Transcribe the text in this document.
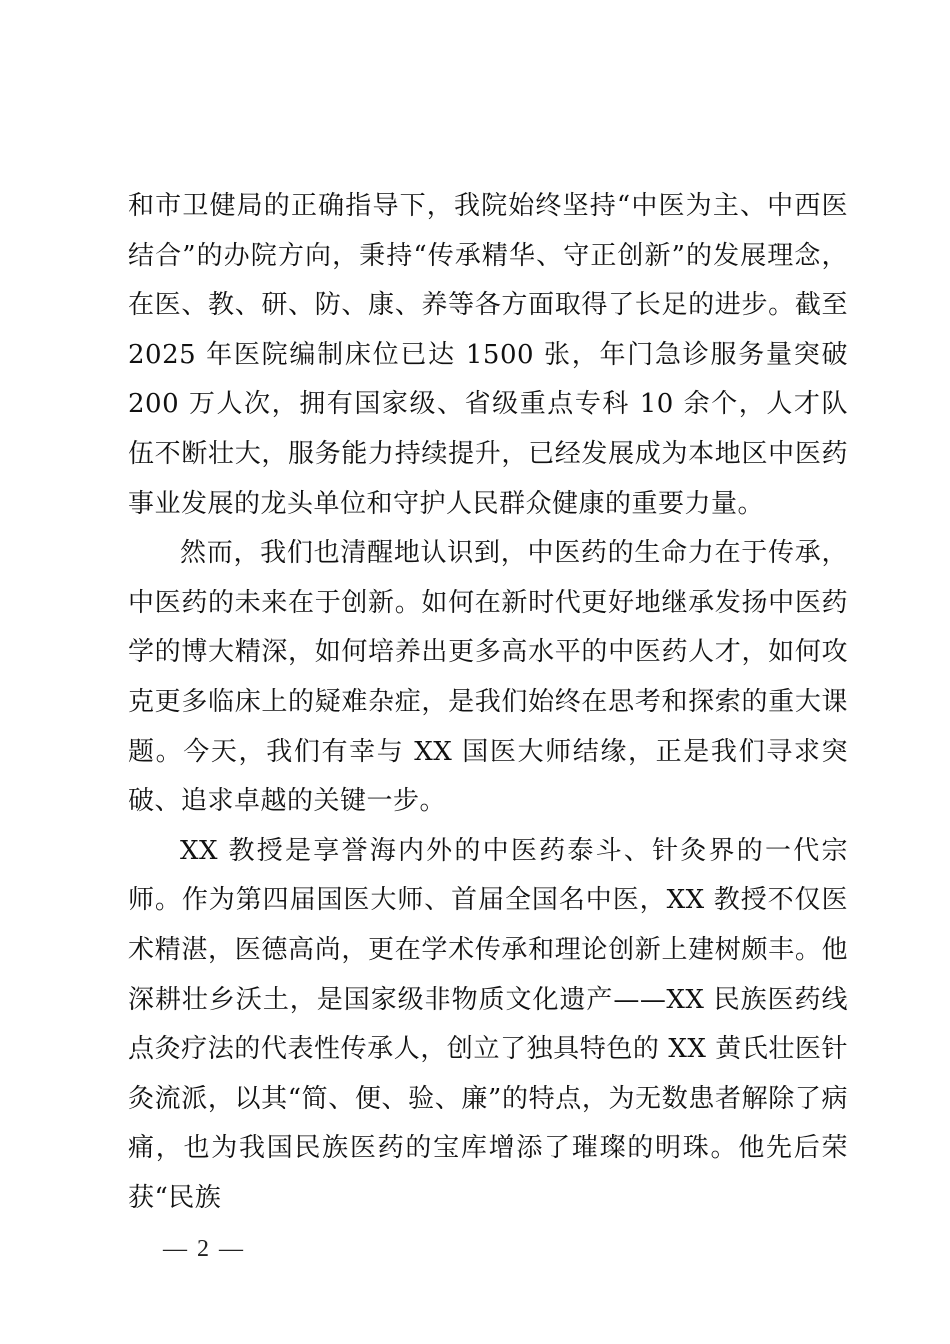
和市卫健局的正确指导下，我院始终坚持“中医为主、中西医结合”的办院方向，秉持“传承精华、守正创新”的发展理念，在医、教、研、防、康、养等各方面取得了长足的进步。截至 2025 年医院编制床位已达 1500 张，年门急诊服务量突破 200 万人次，拥有国家级、省级重点专科 10 余个，人才队伍不断壮大，服务能力持续提升，已经发展成为本地区中医药事业发展的龙头单位和守护人民群众健康的重要力量。

然而，我们也清醒地认识到，中医药的生命力在于传承，中医药的未来在于创新。如何在新时代更好地继承发扬中医药学的博大精深，如何培养出更多高水平的中医药人才，如何攻克更多临床上的疑难杂症，是我们始终在思考和探索的重大课题。今天，我们有幸与 XX 国医大师结缘，正是我们寻求突破、追求卓越的关键一步。

XX 教授是享誉海内外的中医药泰斗、针灸界的一代宗师。作为第四届国医大师、首届全国名中医，XX 教授不仅医术精湛，医德高尚，更在学术传承和理论创新上建树颇丰。他深耕壮乡沃土，是国家级非物质文化遗产——XX 民族医药线点灸疗法的代表性传承人，创立了独具特色的 XX 黄氏壮医针灸流派，以其“简、便、验、廉”的特点，为无数患者解除了病痛，也为我国民族医药的宝库增添了璀璨的明珠。他先后荣获“民族

— 2 —
